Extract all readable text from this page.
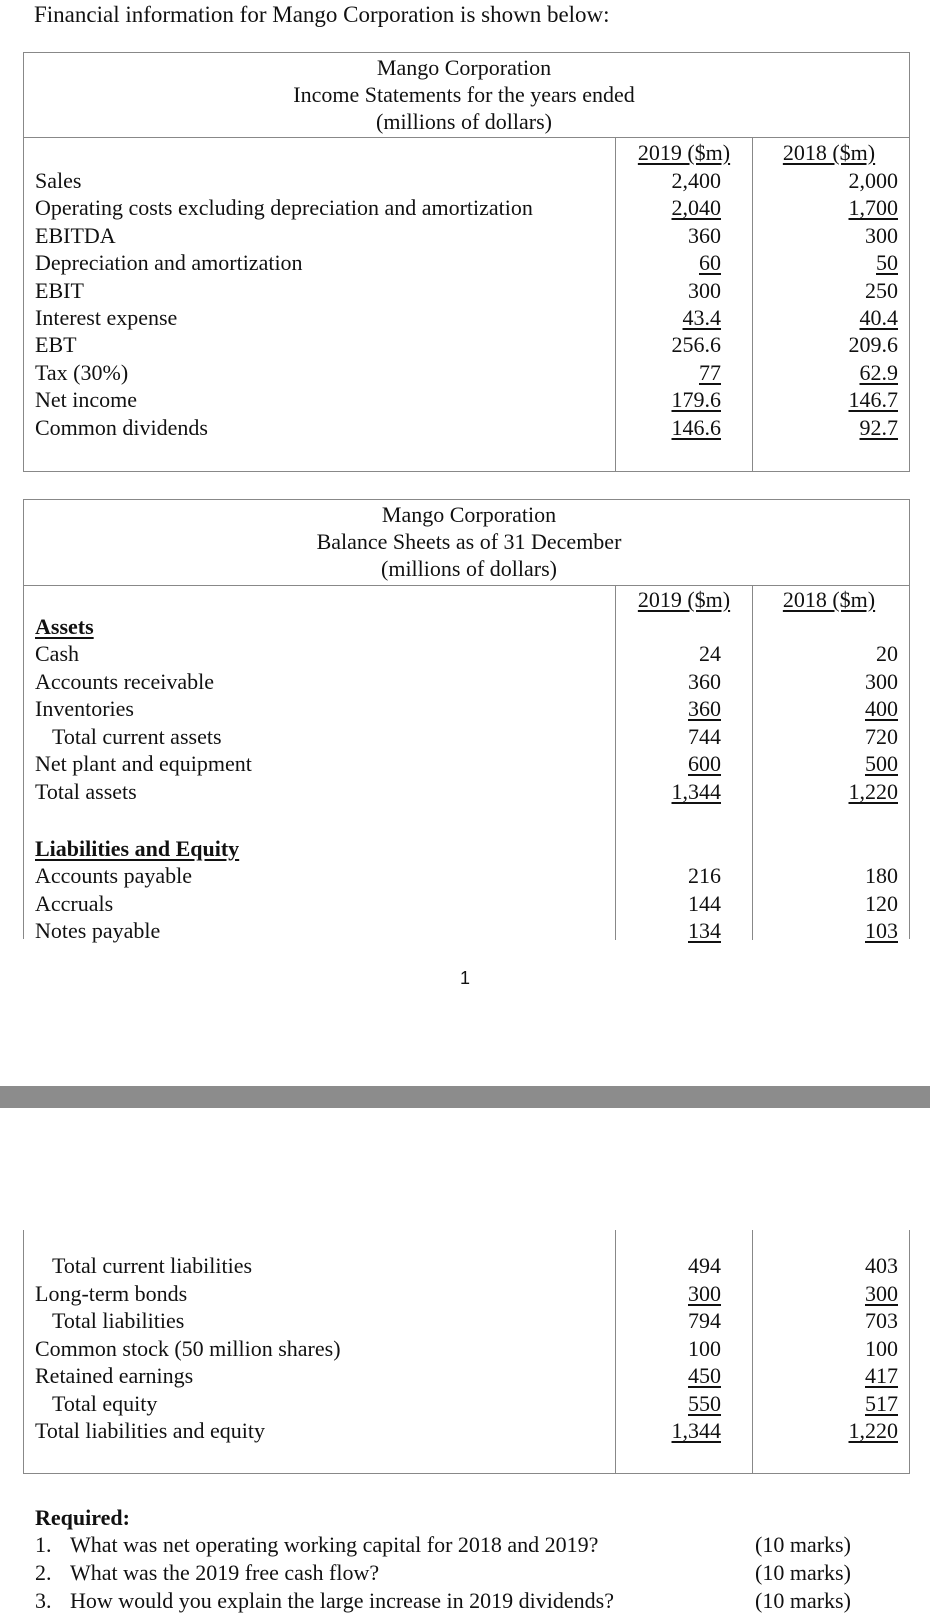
Financial information for Mango Corporation is shown below:
Mango Corporation
Income Statements for the years ended
(millions of dollars)
2019 ($m)	2018 ($m)
Sales	2,400	2,000
Operating costs excluding depreciation and amortization	2,040	1,700
EBITDA	360	300
Depreciation and amortization	60	50
EBIT	300	250
Interest expense	43.4	40.4
EBT	256.6	209.6
Tax (30%)	77	62.9
Net income	179.6	146.7
Common dividends	146.6	92.7
Mango Corporation
Balance Sheets as of 31 December
(millions of dollars)
2019 ($m)	2018 ($m)
Assets
Cash	24	20
Accounts receivable	360	300
Inventories	360	400
Total current assets	744	720
Net plant and equipment	600	500
Total assets	1,344	1,220
Liabilities and Equity
Accounts payable	216	180
Accruals	144	120
Notes payable	134	103
1
Total current liabilities	494	403
Long-term bonds	300	300
Total liabilities	794	703
Common stock (50 million shares)	100	100
Retained earnings	450	417
Total equity	550	517
Total liabilities and equity	1,344	1,220
Required:
1. What was net operating working capital for 2018 and 2019?	(10 marks)
2. What was the 2019 free cash flow?	(10 marks)
3. How would you explain the large increase in 2019 dividends?	(10 marks)
